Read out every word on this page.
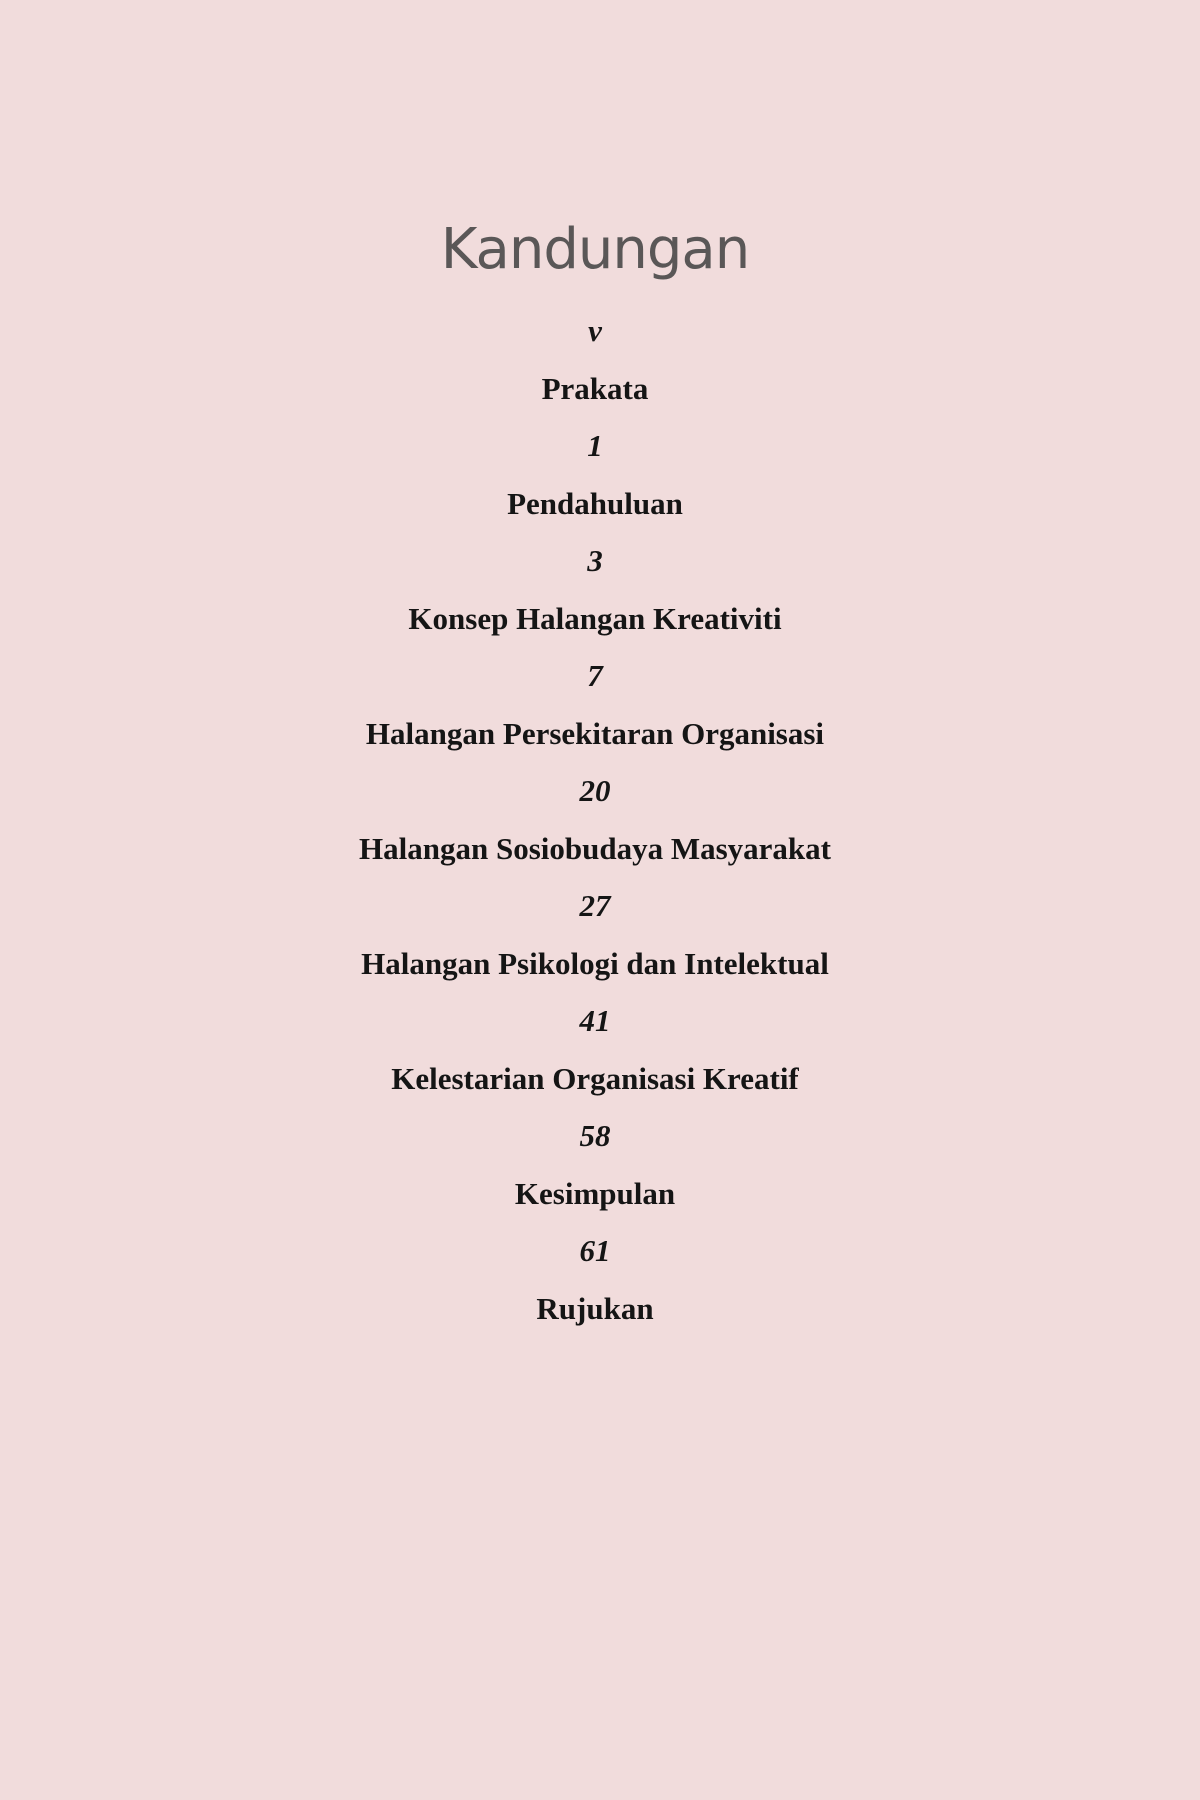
Kandungan
v
Prakata
1
Pendahuluan
3
Konsep Halangan Kreativiti
7
Halangan Persekitaran Organisasi
20
Halangan Sosiobudaya Masyarakat
27
Halangan Psikologi dan Intelektual
41
Kelestarian Organisasi Kreatif
58
Kesimpulan
61
Rujukan
